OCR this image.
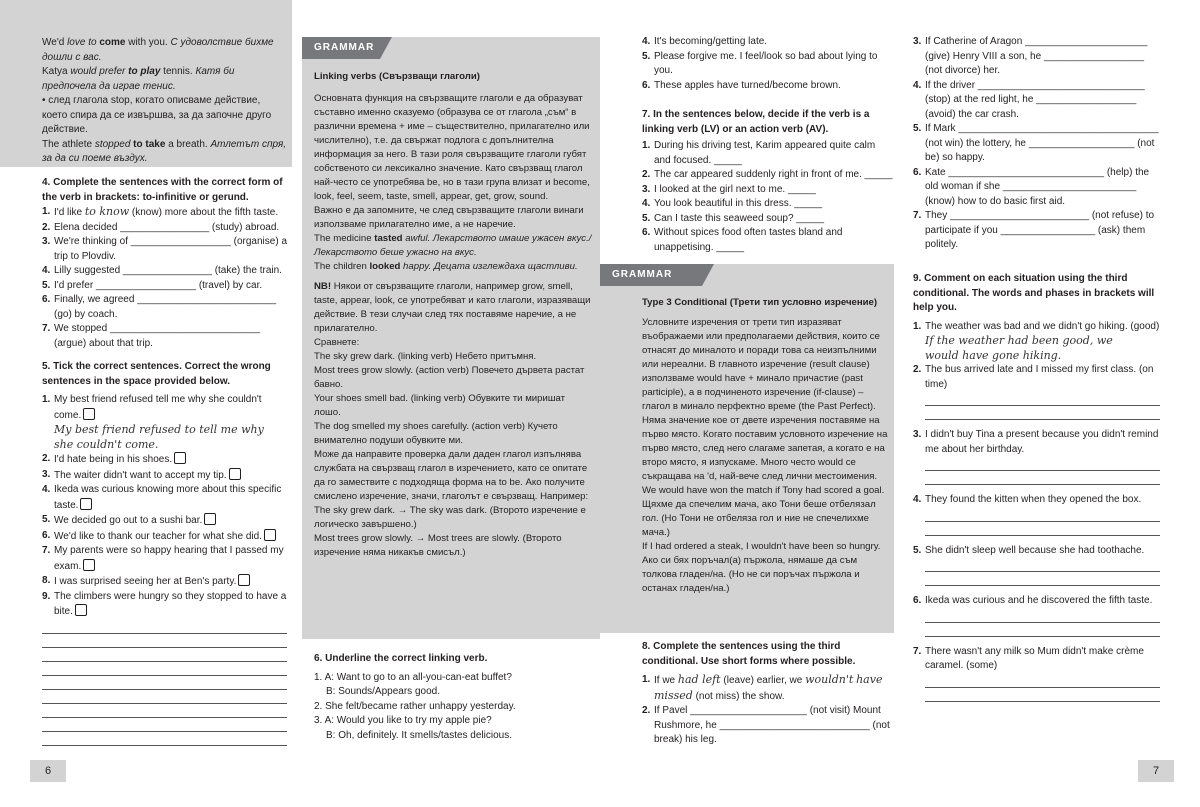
We'd love to come with you. С удоволствие бихме дошли с вас.

Katya would prefer to play tennis. Катя би предпочела да играе тенис.

• след глагола stop, когато описваме действие, което спира да се извършва, за да започне друго действие.

The athlete stopped to take a breath. Атлетът спря, за да си поеме въздух.

4. Complete the sentences with the correct form of the verb in brackets: to-infinitive or gerund.

1. I'd like to know (know) more about the fifth taste.
2. Elena decided ________________ (study) abroad.
3. We're thinking of __________________ (organise) a trip to Plovdiv.
4. Lilly suggested ________________ (take) the train.
5. I'd prefer __________________ (travel) by car.
6. Finally, we agreed _________________________ (go) by coach.
7. We stopped ___________________________ (argue) about that trip.

5. Tick the correct sentences. Correct the wrong sentences in the space provided below.

1. My best friend refused tell me why she couldn't come.
My best friend refused to tell me why
she couldn't come.
2. I'd hate being in his shoes.
3. The waiter didn't want to accept my tip.
4. Ikeda was curious knowing more about this specific taste.
5. We decided go out to a sushi bar.
6. We'd like to thank our teacher for what she did.
7. My parents were so happy hearing that I passed my exam.
8. I was surprised seeing her at Ben's party.
9. The climbers were hungry so they stopped to have a bite.
6
GRAMMAR

Linking verbs (Свързващи глаголи)

Основната функция на свързващите глаголи е да образуват съставно именно сказуемо (образува се от глагола „съм“ в различни времена + име – съществително, прилагателно или числително), т.е. да свържат подлога с допълнителна информация за него. В тази роля свързващите глаголи губят собственото си лексикално значение. Като свързващ глагол най-често се употребява be, но в тази група влизат и become, look, feel, seem, taste, smell, appear, get, grow, sound.

Важно е да запомните, че след свързващите глаголи винаги използваме прилагателно име, а не наречие.

The medicine tasted awful. Лекарството имаше ужасен вкус./Лекарството беше ужасно на вкус.

The children looked happy. Децата изглеждаха щастливи.

NB! Някои от свързващите глаголи, например grow, smell, taste, appear, look, се употребяват и като глаголи, изразяващи действие. В тези случаи след тях поставяме наречие, а не прилагателно.

Сравнете:

The sky grew dark. (linking verb) Небето притъмня.

Most trees grow slowly. (action verb) Повечето дървета растат бавно.

Your shoes smell bad. (linking verb) Обувките ти миришат лошо.

The dog smelled my shoes carefully. (action verb) Кучето внимателно подуши обувките ми.

Може да направите проверка дали даден глагол изпълнява службата на свързващ глагол в изречението, като се опитате да го замествите с подходяща форма на to be. Ако получите смислено изречение, значи, глаголът е свързващ. Например:

The sky grew dark. → The sky was dark. (Второто изречение е логическо завършено.)

Most trees grow slowly. → Most trees are slowly. (Второто изречение няма никакъв смисъл.)

6. Underline the correct linking verb.

1. A: Want to go to an all-you-can-eat buffet?

B: Sounds/Appears good.

2. She felt/became rather unhappy yesterday.

3. A: Would you like to try my apple pie?

B: Oh, definitely. It smells/tastes delicious.

4. It's becoming/getting late.
5. Please forgive me. I feel/look so bad about lying to you.
6. These apples have turned/become brown.

7. In the sentences below, decide if the verb is a linking verb (LV) or an action verb (AV).

1. During his driving test, Karim appeared quite calm and focused. _____
2. The car appeared suddenly right in front of me. _____
3. I looked at the girl next to me. _____
4. You look beautiful in this dress. _____
5. Can I taste this seaweed soup? _____
6. Without spices food often tastes bland and unappetising. _____
GRAMMAR

Type 3 Conditional (Трети тип условно изречение)

Условните изречения от трети тип изразяват въображаеми или предполагаеми действия, които се отнасят до миналото и поради това са неизпълними или нереални. В главното изречение (result clause) използваме would have + минало причастие (past participle), а в подчиненото изречение (if-clause) – глагол в минало перфектно време (the Past Perfect).

Няма значение кое от двете изречения поставяме на първо място. Когато поставим условното изречение на първо място, след него слагаме запетая, а когато е на второ място, я изпускаме. Много често would се съкращава на 'd, най-вече след лични местоимения.

We would have won the match if Tony had scored a goal. Щяхме да спечелим мача, ако Тони беше отбелязал гол. (Но Тони не отбеляза гол и ние не спечелихме мача.)

If I had ordered a steak, I wouldn't have been so hungry. Ако си бях поръчал(а) пържола, нямаше да съм толкова гладен/на. (Но не си поръчах пържола и останах гладен/на.)

8. Complete the sentences using the third conditional. Use short forms where possible.

1. If we had left (leave) earlier, we wouldn't have missed (not miss) the show.
2. If Pavel _____________________ (not visit) Mount Rushmore, he ___________________________ (not break) his leg.
3. If Catherine of Aragon ______________________ (give) Henry VIII a son, he __________________ (not divorce) her.
4. If the driver ______________________________ (stop) at the red light, he __________________ (avoid) the car crash.
5. If Mark ____________________________________ (not win) the lottery, he ___________________ (not be) so happy.
6. Kate ____________________________ (help) the old woman if she ________________________ (know) how to do basic first aid.
7. They _________________________ (not refuse) to participate if you _________________ (ask) them politely.

9. Comment on each situation using the third conditional. The words and phases in brackets will help you.

1. The weather was bad and we didn't go hiking. (good)
If the weather had been good, we
would have gone hiking.
2. The bus arrived late and I missed my first class. (on time)
3. I didn't buy Tina a present because you didn't remind me about her birthday.
4. They found the kitten when they opened the box.
5. She didn't sleep well because she had toothache.
6. Ikeda was curious and he discovered the fifth taste.
7. There wasn't any milk so Mum didn't make crème caramel. (some)
7
